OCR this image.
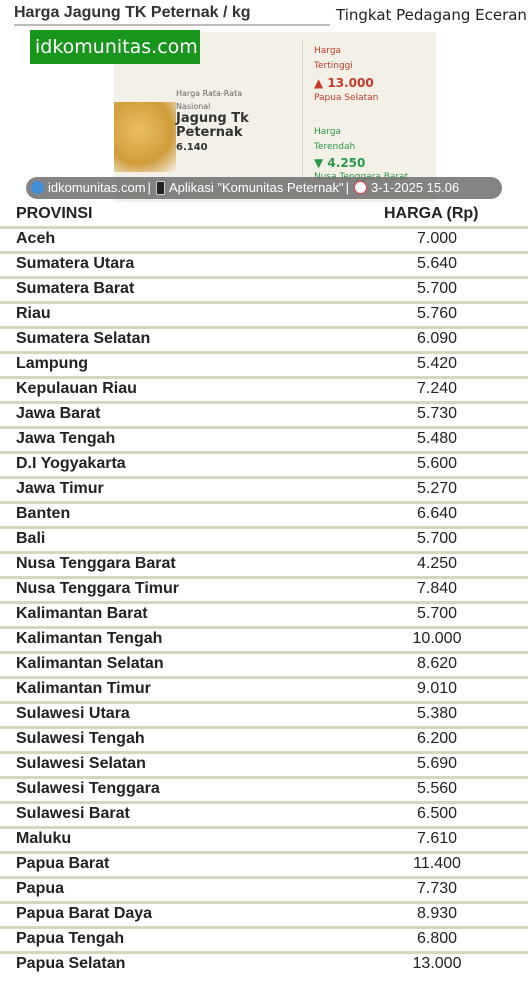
Harga Jagung TK Peternak / kg	Tingkat Pedagang Eceran
Harga Rata-Rata
Nasional
Jagung Tk Peternak
6.140
Harga
Tertinggi
▲ 13.000
Papua Selatan
Harga
Terendah
▼ 4.250
idkomunitas.com
idkomunitas.com | Aplikasi "Komunitas Peternak" | 3-1-2025 15.06
PROVINSI	HARGA (Rp)
Aceh	7.000
Sumatera Utara	5.640
Sumatera Barat	5.700
Riau	5.760
Sumatera Selatan	6.090
Lampung	5.420
Kepulauan Riau	7.240
Jawa Barat	5.730
Jawa Tengah	5.480
D.I Yogyakarta	5.600
Jawa Timur	5.270
Banten	6.640
Bali	5.700
Nusa Tenggara Barat	4.250
Nusa Tenggara Timur	7.840
Kalimantan Barat	5.700
Kalimantan Tengah	10.000
Kalimantan Selatan	8.620
Kalimantan Timur	9.010
Sulawesi Utara	5.380
Sulawesi Tengah	6.200
Sulawesi Selatan	5.690
Sulawesi Tenggara	5.560
Sulawesi Barat	6.500
Maluku	7.610
Papua Barat	11.400
Papua	7.730
Papua Barat Daya	8.930
Papua Tengah	6.800
Papua Selatan	13.000
